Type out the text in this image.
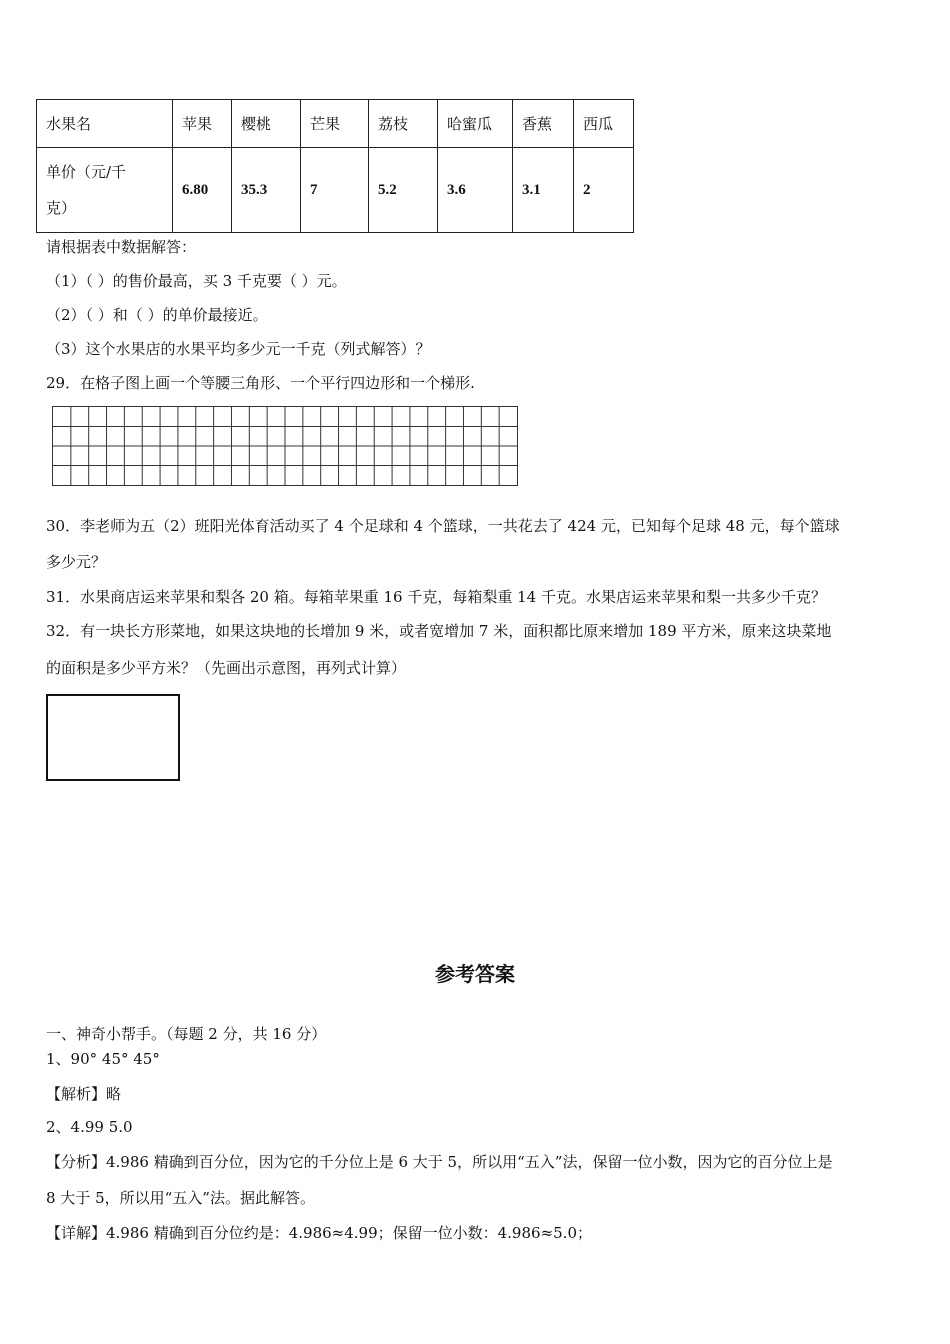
水果名	苹果	樱桃	芒果	荔枝	哈蜜瓜	香蕉	西瓜

单价（元/千
克）	6.80	35.3	7	5.2	3.6	3.1	2
请根据表中数据解答：
（1）（ ）的售价最高，买 3 千克要（ ）元。
（2）（ ）和（ ）的单价最接近。
（3）这个水果店的水果平均多少元一千克（列式解答）？
29．在格子图上画一个等腰三角形、一个平行四边形和一个梯形.
30．李老师为五（2）班阳光体育活动买了 4 个足球和 4 个篮球，一共花去了 424 元，已知每个足球 48 元，每个篮球
多少元？
31．水果商店运来苹果和梨各 20 箱。每箱苹果重 16 千克，每箱梨重 14 千克。水果店运来苹果和梨一共多少千克？
32．有一块长方形菜地，如果这块地的长增加 9 米，或者宽增加 7 米，面积都比原来增加 189 平方米，原来这块菜地
的面积是多少平方米？（先画出示意图，再列式计算）
参考答案
一、神奇小帮手。（每题 2 分，共 16 分）
1、90° 45° 45°
【解析】略
2、4.99 5.0
【分析】4.986 精确到百分位，因为它的千分位上是 6 大于 5，所以用“五入”法，保留一位小数，因为它的百分位上是
8 大于 5，所以用“五入”法。据此解答。
【详解】4.986 精确到百分位约是：4.986≈4.99；保留一位小数：4.986≈5.0；
